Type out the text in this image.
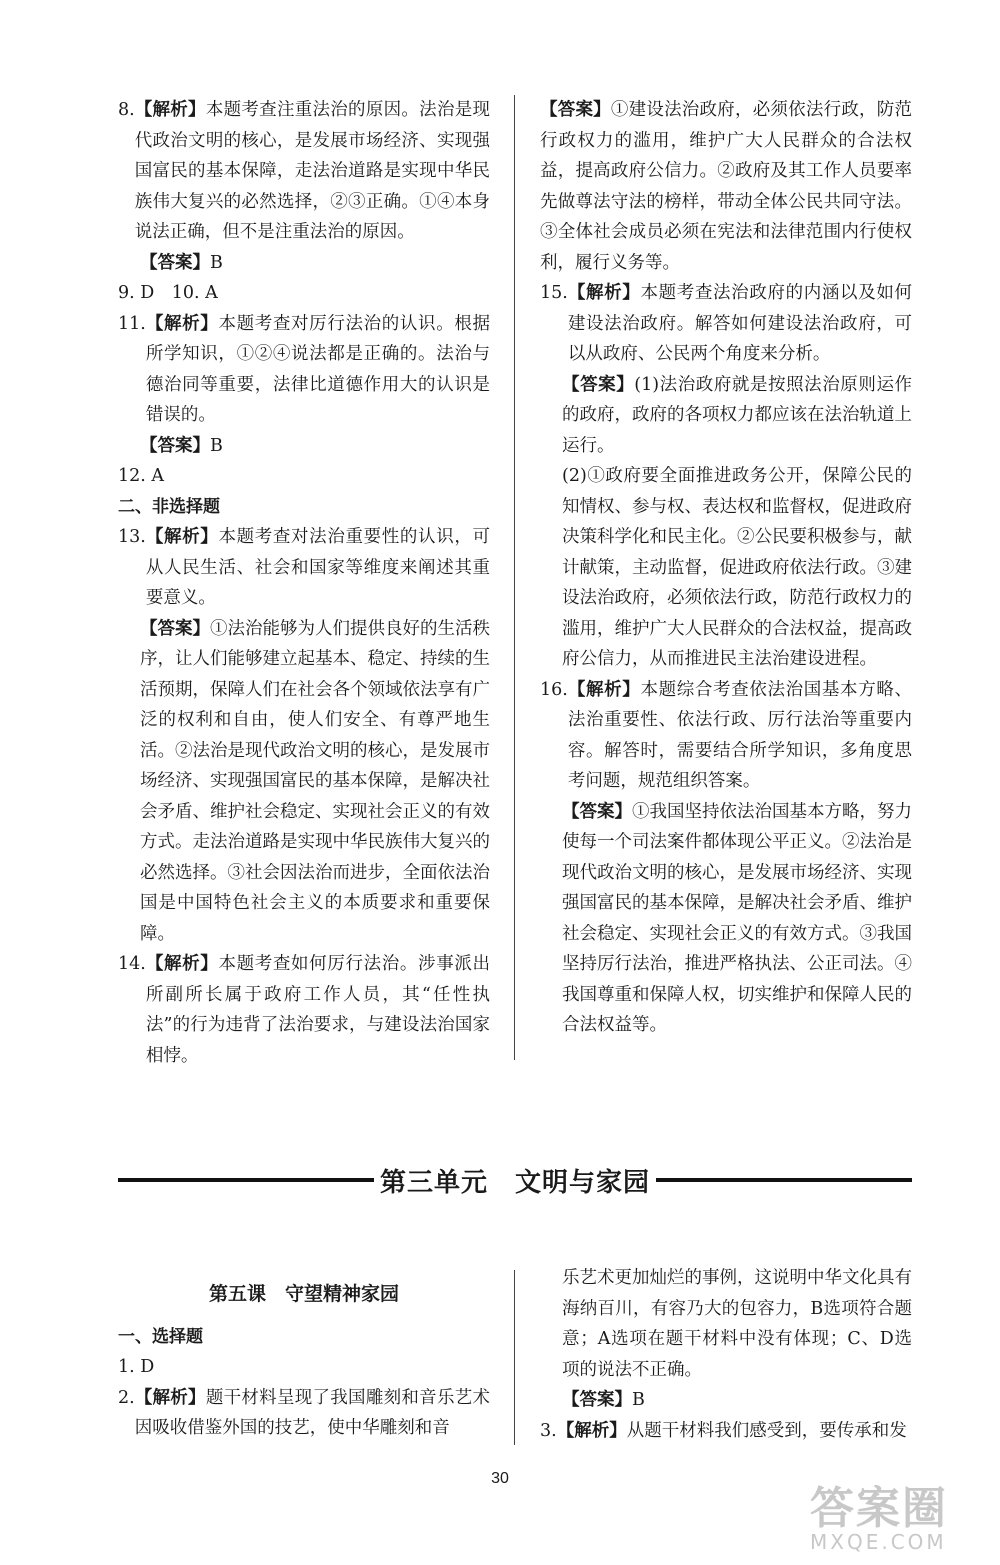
8. 【解析】本题考查注重法治的原因。法治是现代政治文明的核心，是发展市场经济、实现强国富民的基本保障，走法治道路是实现中华民族伟大复兴的必然选择，②③正确。①④本身说法正确，但不是注重法治的原因。
【答案】B
9. D　10. A
11. 【解析】本题考查对厉行法治的认识。根据所学知识，①②④说法都是正确的。法治与德治同等重要，法律比道德作用大的认识是错误的。
【答案】B
12. A
二、非选择题
13. 【解析】本题考查对法治重要性的认识，可从人民生活、社会和国家等维度来阐述其重要意义。
【答案】①法治能够为人们提供良好的生活秩序，让人们能够建立起基本、稳定、持续的生活预期，保障人们在社会各个领域依法享有广泛的权利和自由，使人们安全、有尊严地生活。②法治是现代政治文明的核心，是发展市场经济、实现强国富民的基本保障，是解决社会矛盾、维护社会稳定、实现社会正义的有效方式。走法治道路是实现中华民族伟大复兴的必然选择。③社会因法治而进步，全面依法治国是中国特色社会主义的本质要求和重要保障。
14. 【解析】本题考查如何厉行法治。涉事派出所副所长属于政府工作人员，其“任性执法”的行为违背了法治要求，与建设法治国家相悖。
【答案】①建设法治政府，必须依法行政，防范行政权力的滥用，维护广大人民群众的合法权益，提高政府公信力。②政府及其工作人员要率先做尊法守法的榜样，带动全体公民共同守法。③全体社会成员必须在宪法和法律范围内行使权利，履行义务等。
15. 【解析】本题考查法治政府的内涵以及如何建设法治政府。解答如何建设法治政府，可以从政府、公民两个角度来分析。
【答案】(1)法治政府就是按照法治原则运作的政府，政府的各项权力都应该在法治轨道上运行。
(2)①政府要全面推进政务公开，保障公民的知情权、参与权、表达权和监督权，促进政府决策科学化和民主化。②公民要积极参与，献计献策，主动监督，促进政府依法行政。③建设法治政府，必须依法行政，防范行政权力的滥用，维护广大人民群众的合法权益，提高政府公信力，从而推进民主法治建设进程。
16. 【解析】本题综合考查依法治国基本方略、法治重要性、依法行政、厉行法治等重要内容。解答时，需要结合所学知识，多角度思考问题，规范组织答案。
【答案】①我国坚持依法治国基本方略，努力使每一个司法案件都体现公平正义。②法治是现代政治文明的核心，是发展市场经济、实现强国富民的基本保障，是解决社会矛盾、维护社会稳定、实现社会正义的有效方式。③我国坚持厉行法治，推进严格执法、公正司法。④我国尊重和保障人权，切实维护和保障人民的合法权益等。
第三单元　文明与家园
第五课　守望精神家园
一、选择题
1. D
2. 【解析】题干材料呈现了我国雕刻和音乐艺术因吸收借鉴外国的技艺，使中华雕刻和音
乐艺术更加灿烂的事例，这说明中华文化具有海纳百川，有容乃大的包容力，B选项符合题意；A选项在题干材料中没有体现；C、D选项的说法不正确。
【答案】B
3. 【解析】从题干材料我们感受到，要传承和发
30
答案圈
MXQE.COM
